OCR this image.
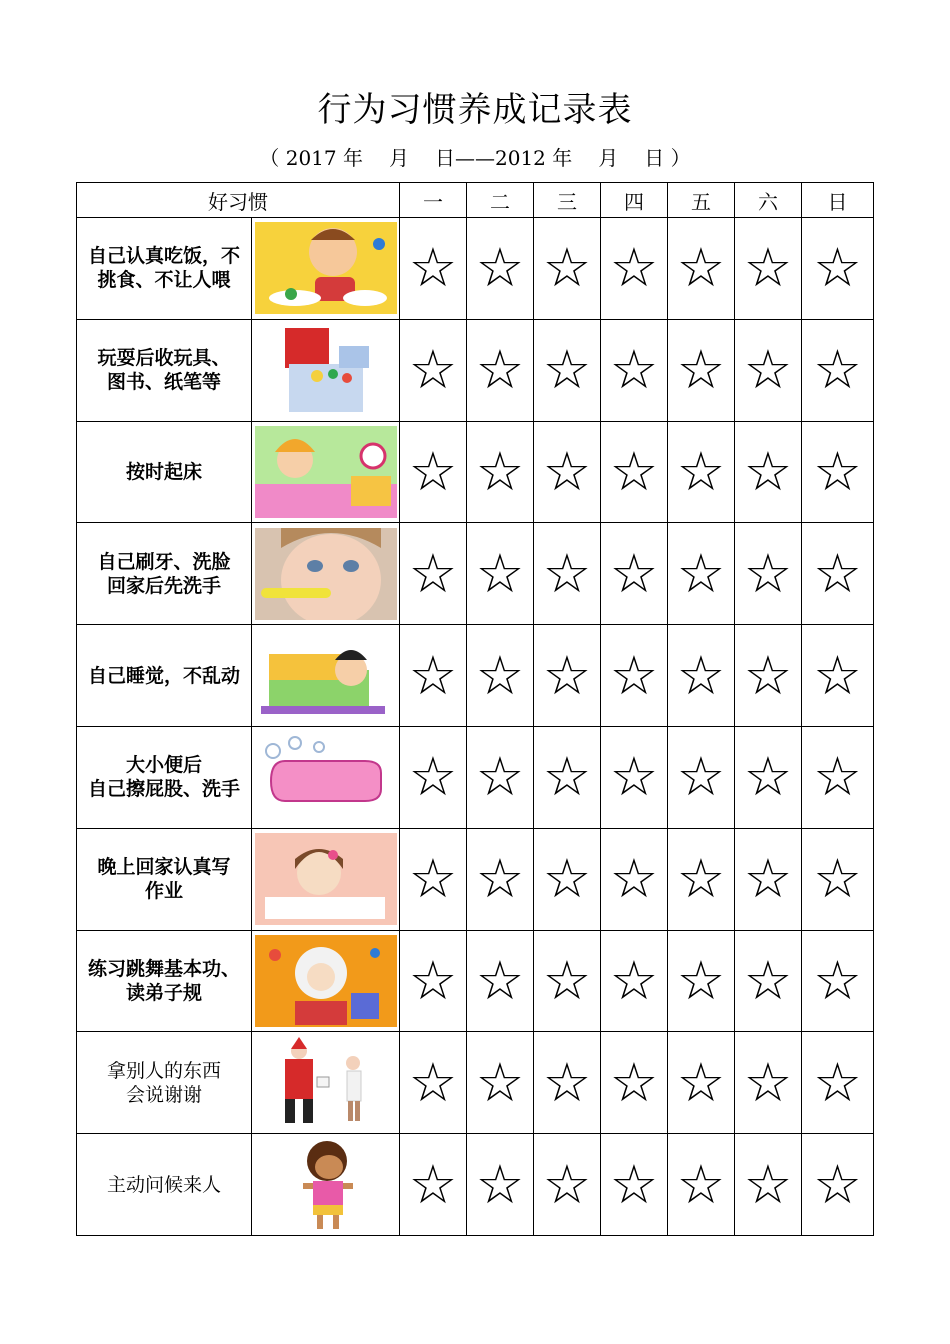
行为习惯养成记录表
（ 2017 年 月 日——2012 年 月 日 ）
好习惯		一	二	三	四	五	六	日

自己认真吃饭，不
挑食、不让人喂		☆	☆	☆	☆	☆	☆	☆

玩耍后收玩具、
图书、纸笔等		☆	☆	☆	☆	☆	☆	☆

按时起床		☆	☆	☆	☆	☆	☆	☆

自己刷牙、洗脸
回家后先洗手		☆	☆	☆	☆	☆	☆	☆

自己睡觉，不乱动		☆	☆	☆	☆	☆	☆	☆

大小便后
自己擦屁股、洗手		☆	☆	☆	☆	☆	☆	☆

晚上回家认真写
作业		☆	☆	☆	☆	☆	☆	☆

练习跳舞基本功、
读弟子规		☆	☆	☆	☆	☆	☆	☆

拿别人的东西
会说谢谢		☆	☆	☆	☆	☆	☆	☆

主动问候来人		☆	☆	☆	☆	☆	☆	☆
